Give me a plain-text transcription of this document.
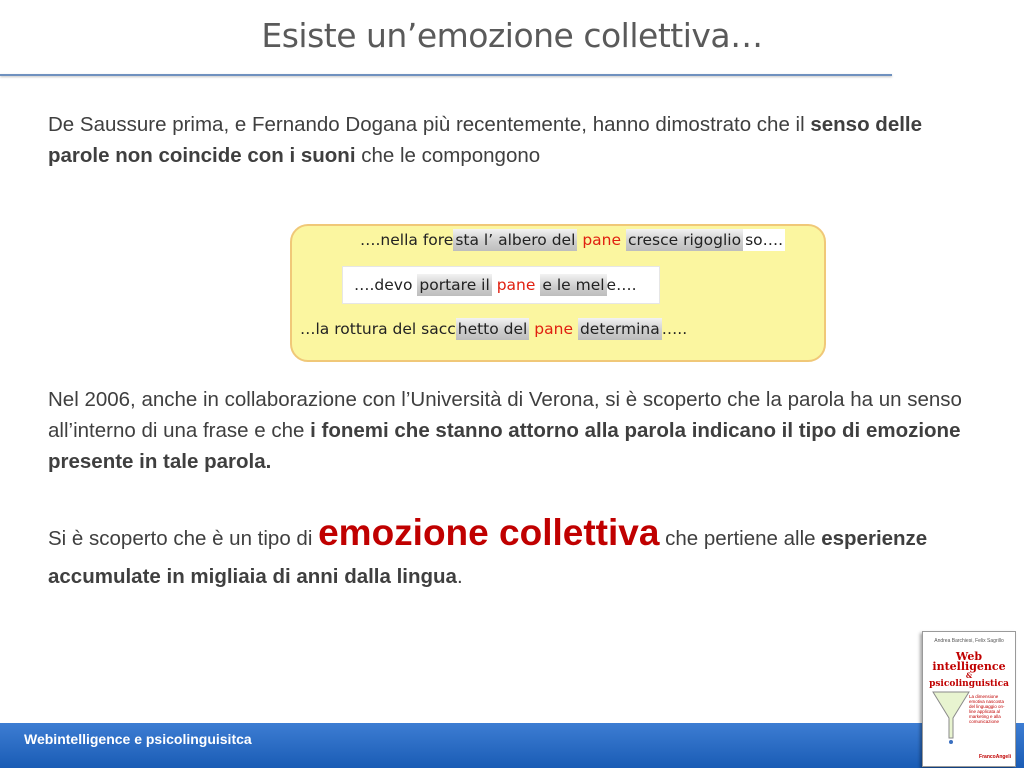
Esiste un’emozione collettiva…
De Saussure prima, e Fernando Dogana più recentemente, hanno dimostrato che il senso delle parole non coincide con i suoni che le compongono
….nella fore sta l’ albero del pane cresce rigoglio so….
….devo portare il pane e le mel e….
…la rottura del sacc hetto del pane determina …..
Nel 2006, anche in collaborazione con l’Università di Verona, si è scoperto che la parola ha un senso all’interno di una frase e che i fonemi che stanno attorno alla parola indicano il tipo di emozione presente in tale parola.
Si è scoperto che è un tipo di emozione collettiva che pertiene alle esperienze accumulate in migliaia di anni dalla lingua.
Webintelligence e psicolinguisitca
Andrea Barchiesi, Felix Sagrillo
Web
intelligence
&
psicolinguistica
La dimensione emotiva nascosta del linguaggio on-line applicata al marketing e alla comunicazione
FrancoAngeli
